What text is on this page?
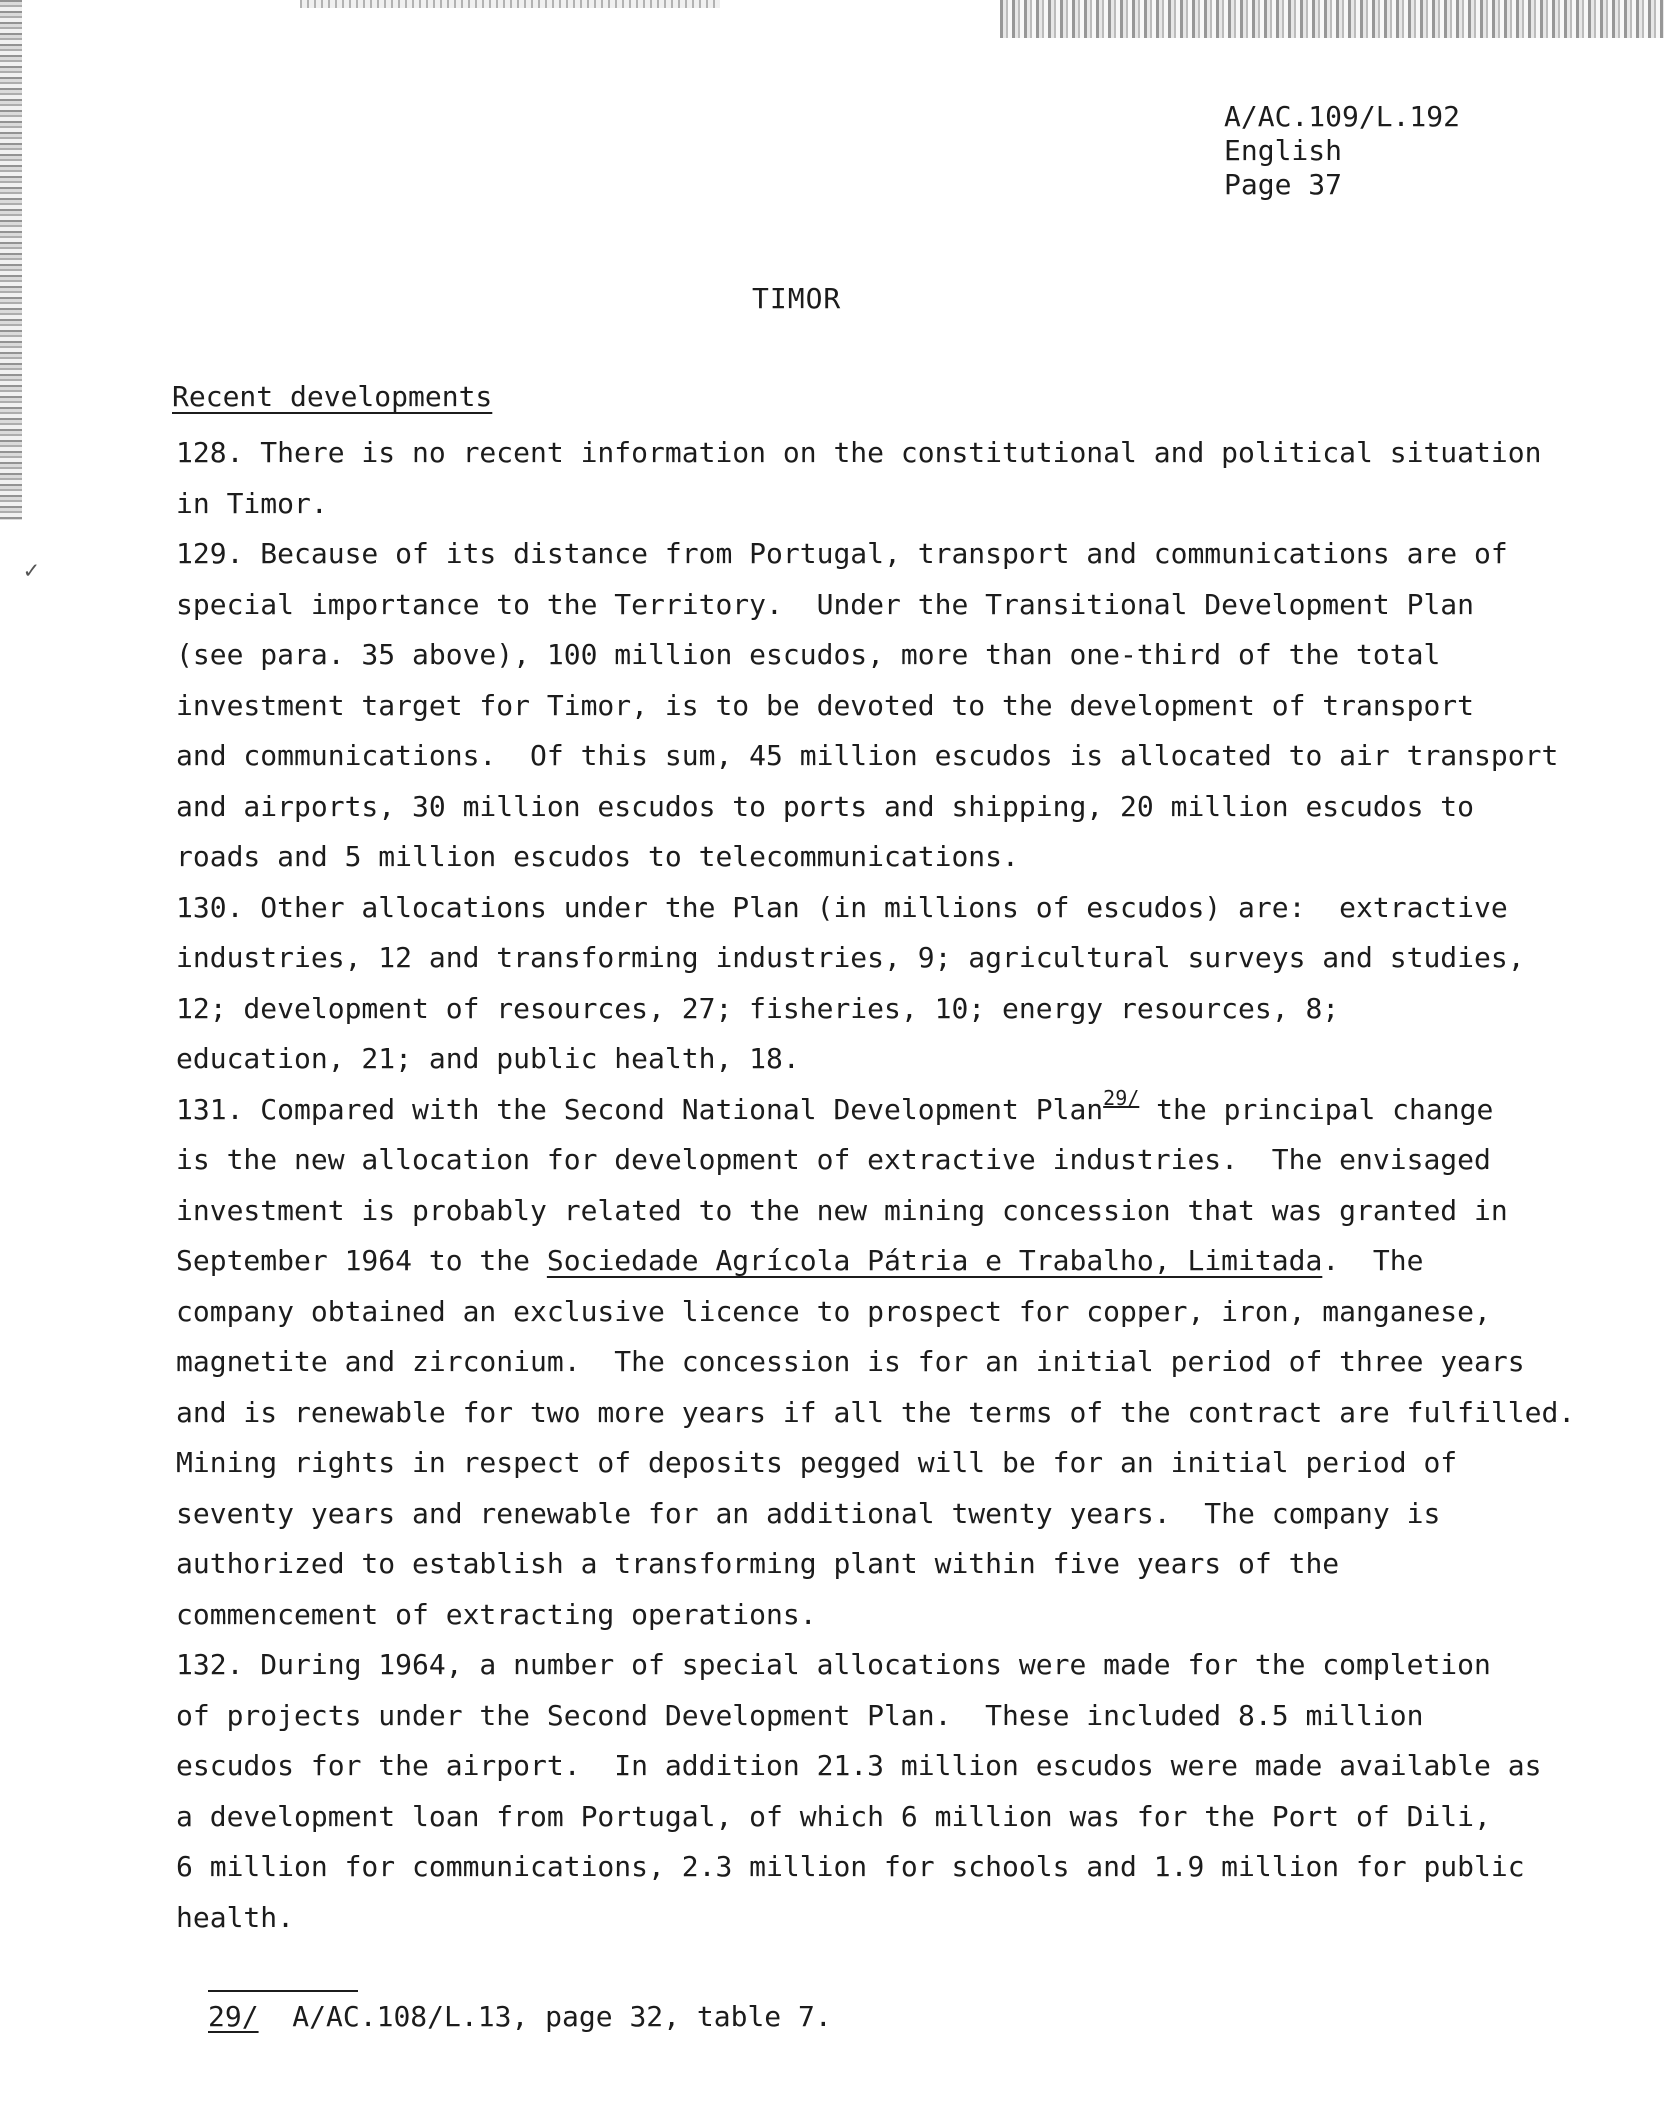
A/AC.109/L.192
English
Page 37
TIMOR
Recent developments
128. There is no recent information on the constitutional and political situation
in Timor.
129. Because of its distance from Portugal, transport and communications are of
special importance to the Territory.  Under the Transitional Development Plan
(see para. 35 above), 100 million escudos, more than one-third of the total
investment target for Timor, is to be devoted to the development of transport
and communications.  Of this sum, 45 million escudos is allocated to air transport
and airports, 30 million escudos to ports and shipping, 20 million escudos to
roads and 5 million escudos to telecommunications.
130. Other allocations under the Plan (in millions of escudos) are:  extractive
industries, 12 and transforming industries, 9; agricultural surveys and studies,
12; development of resources, 27; fisheries, 10; energy resources, 8;
education, 21; and public health, 18.
131. Compared with the Second National Development Plan$^{29/}$ the principal change
is the new allocation for development of extractive industries.  The envisaged
investment is probably related to the new mining concession that was granted in
September 1964 to the Sociedade Agrícola Pátria e Trabalho, Limitada.  The
company obtained an exclusive licence to prospect for copper, iron, manganese,
magnetite and zirconium.  The concession is for an initial period of three years
and is renewable for two more years if all the terms of the contract are fulfilled.
Mining rights in respect of deposits pegged will be for an initial period of
seventy years and renewable for an additional twenty years.  The company is
authorized to establish a transforming plant within five years of the
commencement of extracting operations.
132. During 1964, a number of special allocations were made for the completion
of projects under the Second Development Plan.  These included 8.5 million
escudos for the airport.  In addition 21.3 million escudos were made available as
a development loan from Portugal, of which 6 million was for the Port of Dili,
6 million for communications, 2.3 million for schools and 1.9 million for public
health.
29/  A/AC.108/L.13, page 32, table 7.
✓
